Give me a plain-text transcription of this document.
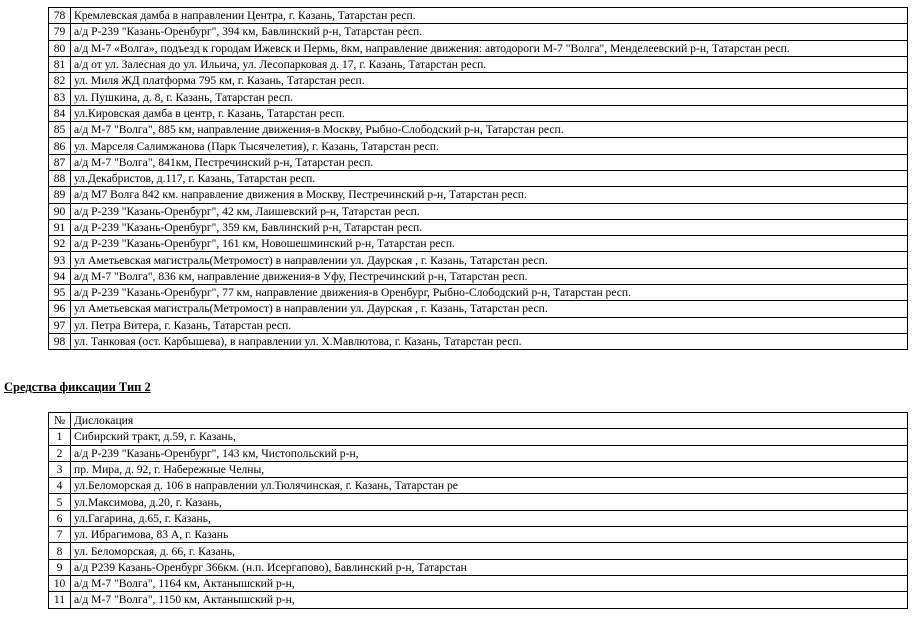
78	Кремлевская дамба в направлении Центра, г. Казань, Татарстан респ.
79	а/д Р-239 "Казань-Оренбург", 394 км, Бавлинский р-н, Татарстан респ.
80	а/д М-7 «Волга», подъезд к городам Ижевск и Пермь, 8км, направление движения: автодороги М-7 "Волга", Менделеевский р-н, Татарстан респ.
81	а/д от ул. Залесная до ул. Ильича, ул. Лесопарковая д. 17, г. Казань, Татарстан респ.
82	ул. Миля ЖД платформа 795 км, г. Казань, Татарстан респ.
83	ул. Пушкина, д. 8, г. Казань, Татарстан респ.
84	ул.Кировская дамба в центр, г. Казань, Татарстан респ.
85	а/д М-7 "Волга", 885 км, направление движения-в Москву, Рыбно-Слободский р-н, Татарстан респ.
86	ул. Марселя Салимжанова (Парк Тысячелетия), г. Казань, Татарстан респ.
87	а/д М-7 "Волга", 841км, Пестречинский р-н, Татарстан респ.
88	ул.Декабристов, д.117, г. Казань, Татарстан респ.
89	а/д М7 Волга 842 км. направление движения в Москву, Пестречинский р-н, Татарстан респ.
90	а/д Р-239 "Казань-Оренбург", 42 км, Лаишевский р-н, Татарстан респ.
91	а/д Р-239 "Казань-Оренбург", 359 км, Бавлинский р-н, Татарстан респ.
92	а/д Р-239 "Казань-Оренбург", 161 км, Новошешминский р-н, Татарстан респ.
93	ул Аметьевская магистраль(Метромост) в направлении ул. Даурская , г. Казань, Татарстан респ.
94	а/д М-7 "Волга", 836 км, направление движения-в Уфу, Пестречинский р-н, Татарстан респ.
95	а/д Р-239 "Казань-Оренбург", 77 км, направление движения-в Оренбург, Рыбно-Слободский р-н, Татарстан респ.
96	ул Аметьевская магистраль(Метромост) в направлении ул. Даурская , г. Казань, Татарстан респ.
97	ул. Петра Витера, г. Казань, Татарстан респ.
98	ул. Танковая (ост. Карбышева), в направлении ул. Х.Мавлютова, г. Казань, Татарстан респ.
Средства фиксации Тип 2
№	Дислокация
1	Сибирский тракт, д.59, г. Казань,
2	а/д Р-239 "Казань-Оренбург", 143 км, Чистопольский р-н,
3	пр. Мира, д. 92, г. Набережные Челны,
4	ул.Беломорская д. 106 в направлении ул.Тюлячинская, г. Казань, Татарстан ре
5	ул.Максимова, д.20, г. Казань,
6	ул.Гагарина, д.65, г. Казань,
7	ул. Ибрагимова, 83 А, г. Казань
8	ул. Беломорская, д. 66, г. Казань,
9	а/д Р239 Казань-Оренбург 366км. (н.п. Исергапово), Бавлинский р-н, Татарстан
10	а/д М-7 "Волга", 1164 км, Актанышский р-н,
11	а/д М-7 "Волга", 1150 км, Актанышский р-н,
